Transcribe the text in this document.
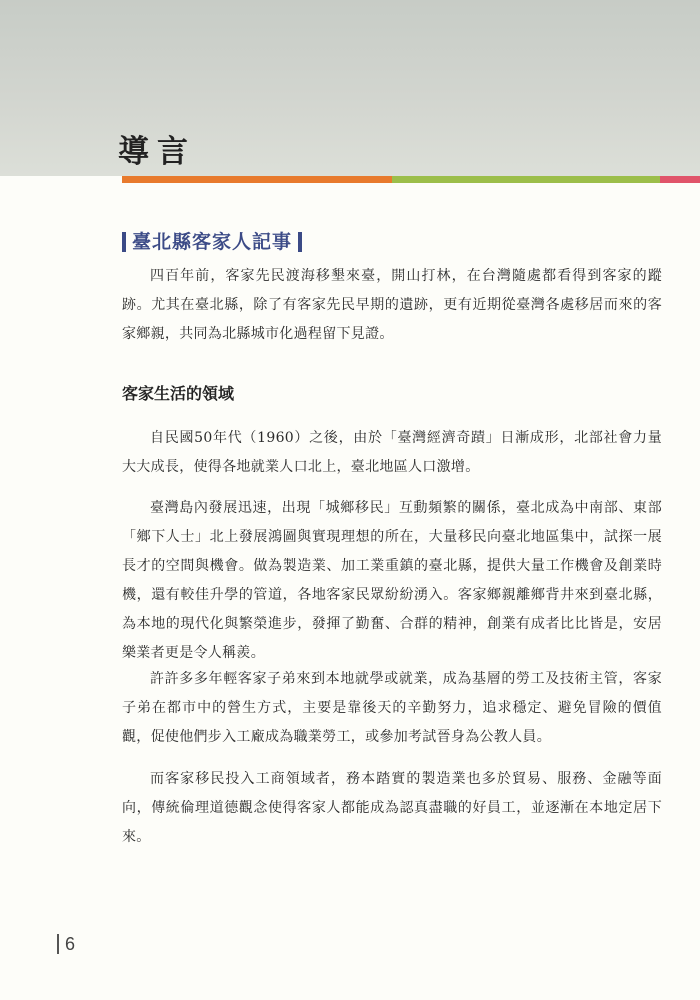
導言
臺北縣客家人記事

四百年前，客家先民渡海移墾來臺，開山打林，在台灣隨處都看得到客家的蹤跡。尤其在臺北縣，除了有客家先民早期的遺跡，更有近期從臺灣各處移居而來的客家鄉親，共同為北縣城市化過程留下見證。

客家生活的領域

自民國50年代（1960）之後，由於「臺灣經濟奇蹟」日漸成形，北部社會力量大大成長，使得各地就業人口北上，臺北地區人口激增。

臺灣島內發展迅速，出現「城鄉移民」互動頻繁的關係，臺北成為中南部、東部「鄉下人士」北上發展鴻圖與實現理想的所在，大量移民向臺北地區集中，試探一展長才的空間與機會。做為製造業、加工業重鎮的臺北縣，提供大量工作機會及創業時機，還有較佳升學的管道，各地客家民眾紛紛湧入。客家鄉親離鄉背井來到臺北縣，為本地的現代化與繁榮進步，發揮了勤奮、合群的精神，創業有成者比比皆是，安居樂業者更是令人稱羨。

許許多多年輕客家子弟來到本地就學或就業，成為基層的勞工及技術主管，客家子弟在都市中的營生方式，主要是靠後天的辛勤努力，追求穩定、避免冒險的價值觀，促使他們步入工廠成為職業勞工，或參加考試晉身為公教人員。

而客家移民投入工商領域者，務本踏實的製造業也多於貿易、服務、金融等面向，傳統倫理道德觀念使得客家人都能成為認真盡職的好員工，並逐漸在本地定居下來。

6
